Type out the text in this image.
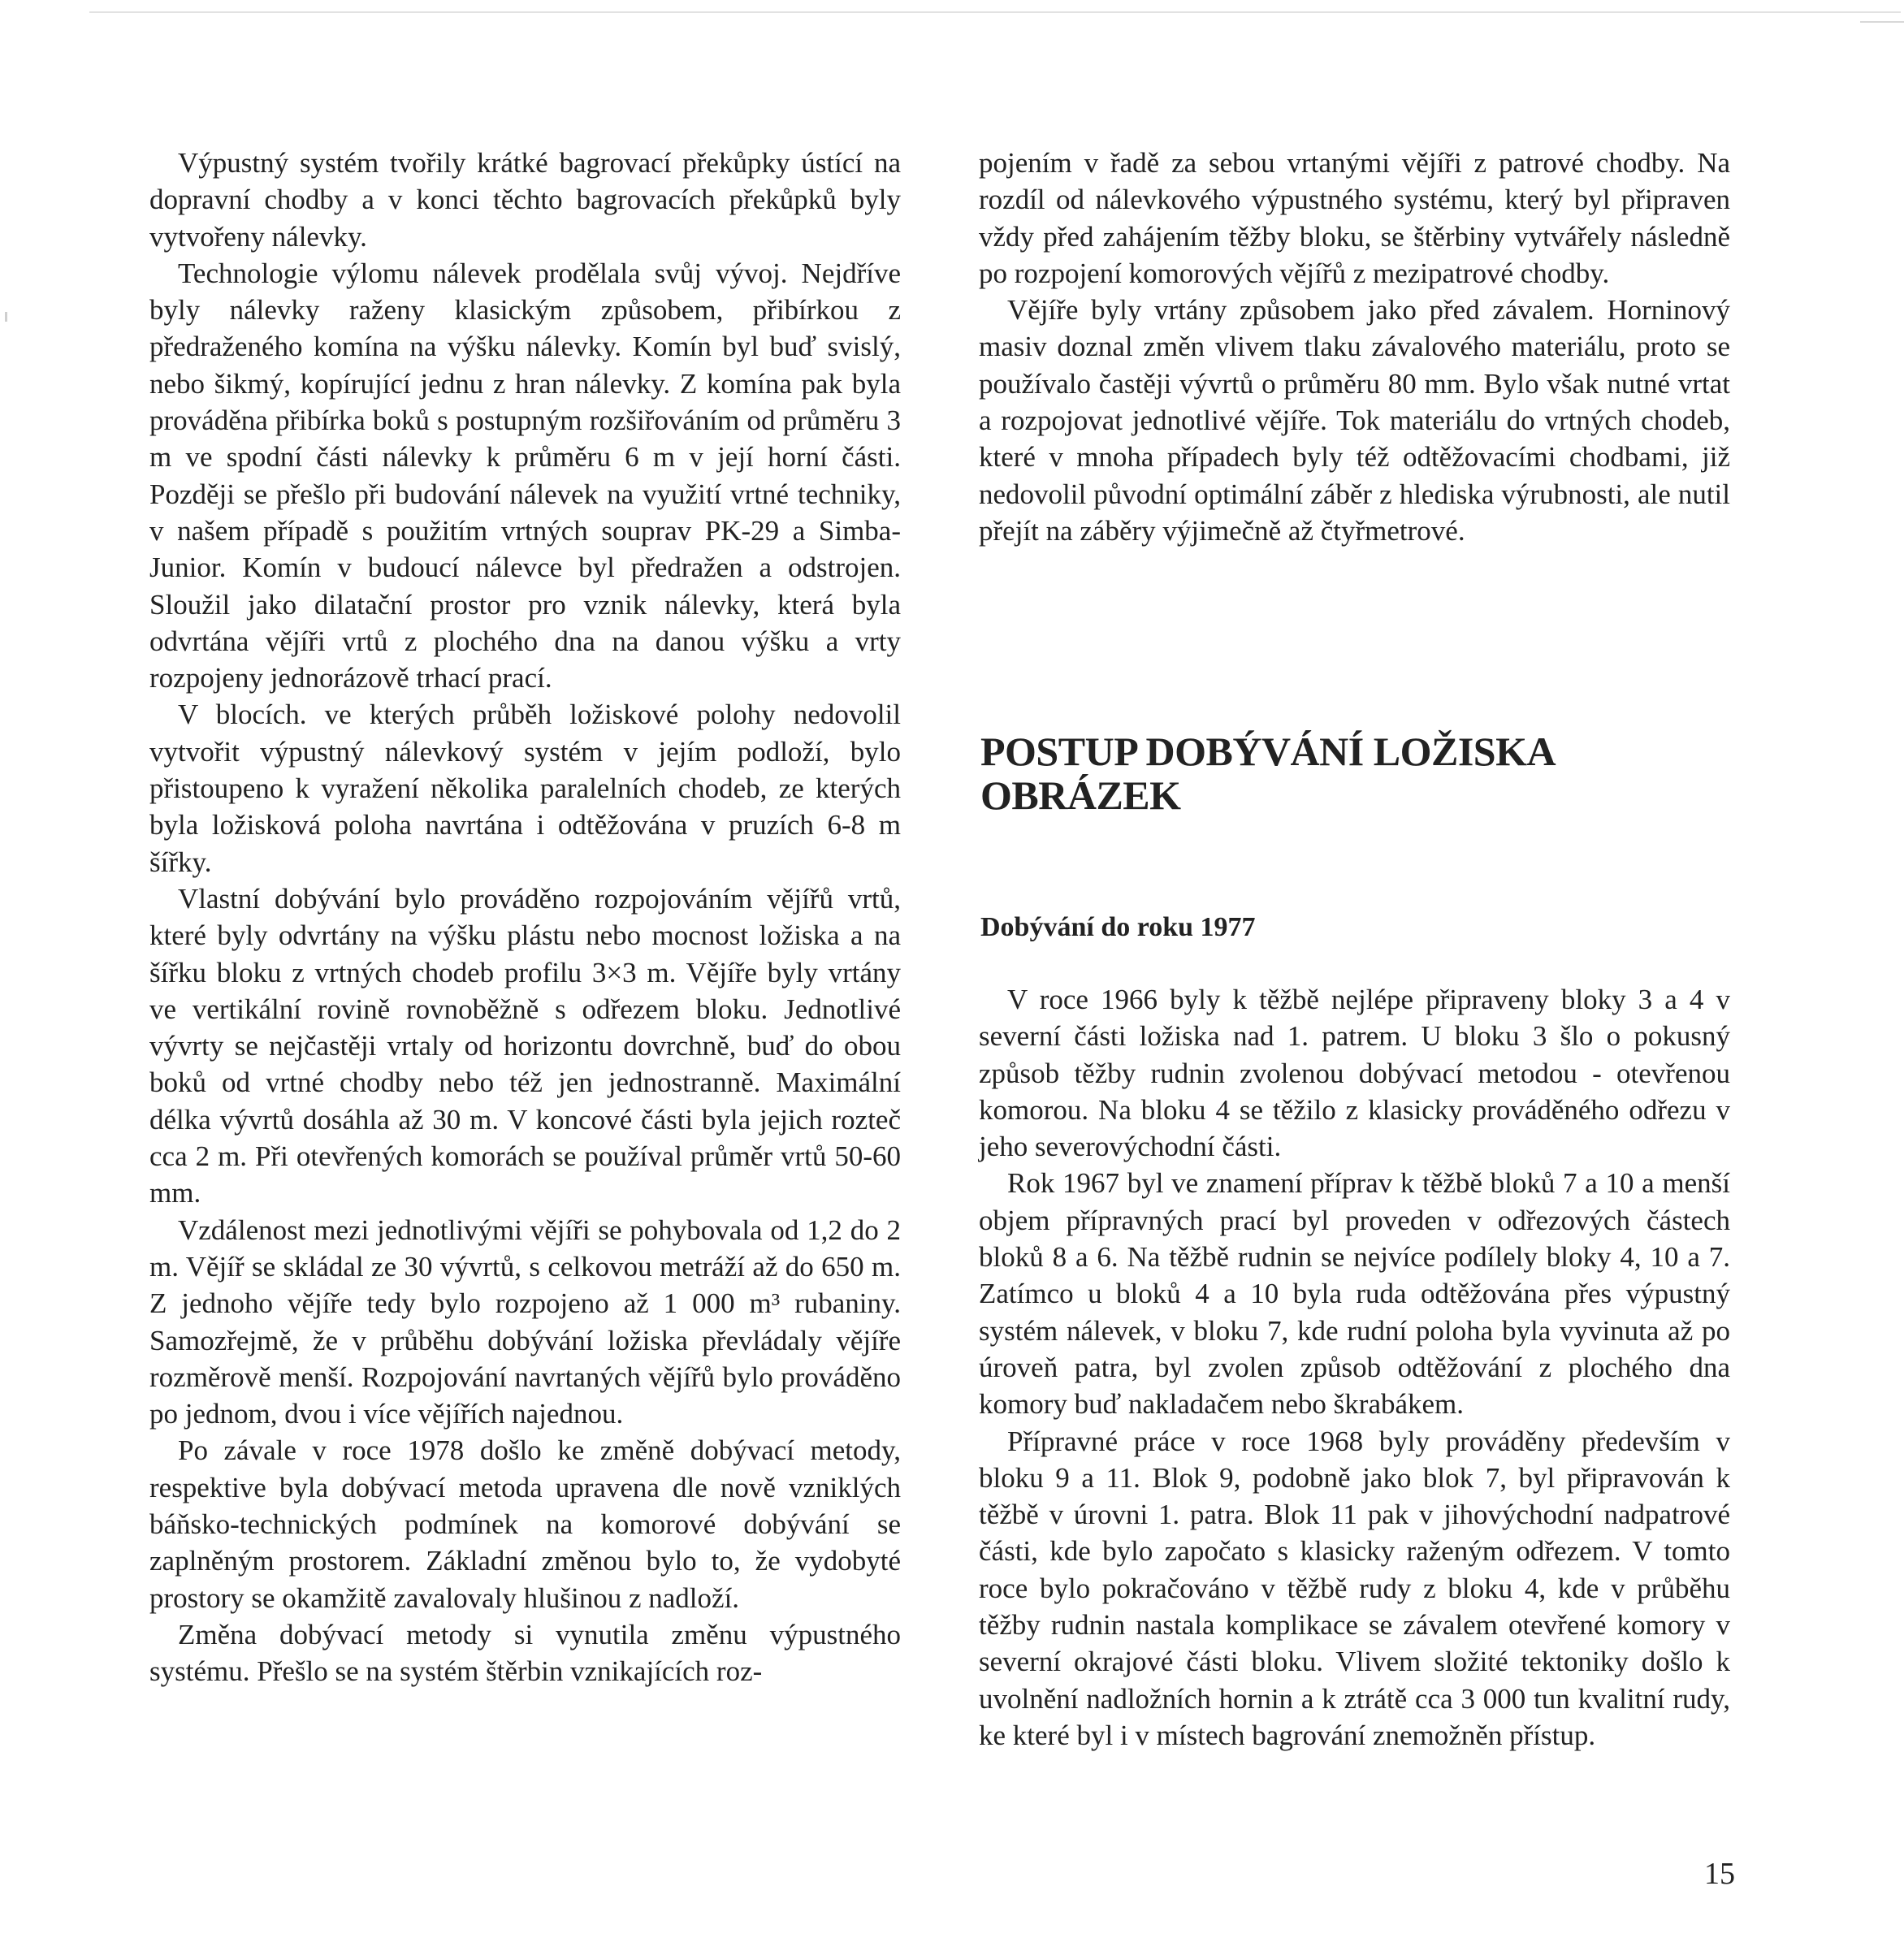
Výpustný systém tvořily krátké bagrovací překůpky ústící na dopravní chodby a v konci těchto bagrovacích překůpků byly vytvořeny nálevky.

Technologie výlomu nálevek prodělala svůj vývoj. Nejdříve byly nálevky raženy klasickým způsobem, přibírkou z předraženého komína na výšku nálevky. Komín byl buď svislý, nebo šikmý, kopírující jednu z hran nálevky. Z komína pak byla prováděna přibírka boků s postupným rozšiřováním od průměru 3 m ve spodní části nálevky k průměru 6 m v její horní části. Později se přešlo při budování nálevek na využití vrtné techniky, v našem případě s použitím vrtných souprav PK-29 a Simba-Junior. Komín v budoucí nálevce byl předražen a odstrojen. Sloužil jako dilatační prostor pro vznik nálevky, která byla odvrtána vějíři vrtů z plochého dna na danou výšku a vrty rozpojeny jednorázově trhací prací.

V blocích. ve kterých průběh ložiskové polohy nedovolil vytvořit výpustný nálevkový systém v jejím podloží, bylo přistoupeno k vyražení několika paralelních chodeb, ze kterých byla ložisková poloha navrtána i odtěžována v pruzích 6-8 m šířky.

Vlastní dobývání bylo prováděno rozpojováním vějířů vrtů, které byly odvrtány na výšku plástu nebo mocnost ložiska a na šířku bloku z vrtných chodeb profilu 3×3 m. Vějíře byly vrtány ve vertikální rovině rovnoběžně s odřezem bloku. Jednotlivé vývrty se nejčastěji vrtaly od horizontu dovrchně, buď do obou boků od vrtné chodby nebo též jen jednostranně. Maximální délka vývrtů dosáhla až 30 m. V koncové části byla jejich rozteč cca 2 m. Při otevřených komorách se používal průměr vrtů 50-60 mm.

Vzdálenost mezi jednotlivými vějíři se pohybovala od 1,2 do 2 m. Vějíř se skládal ze 30 vývrtů, s celkovou metráží až do 650 m. Z jednoho vějíře tedy bylo rozpojeno až 1 000 m³ rubaniny. Samozřejmě, že v průběhu dobývání ložiska převládaly vějíře rozměrově menší. Rozpojování navrtaných vějířů bylo prováděno po jednom, dvou i více vějířích najednou.

Po závale v roce 1978 došlo ke změně dobývací metody, respektive byla dobývací metoda upravena dle nově vzniklých báňsko-technických podmínek na komorové dobývání se zaplněným prostorem. Základní změnou bylo to, že vydobyté prostory se okamžitě zavalovaly hlušinou z nadloží.

Změna dobývací metody si vynutila změnu výpustného systému. Přešlo se na systém štěrbin vznikajících roz-

pojením v řadě za sebou vrtanými vějíři z patrové chodby. Na rozdíl od nálevkového výpustného systému, který byl připraven vždy před zahájením těžby bloku, se štěrbiny vytvářely následně po rozpojení komorových vějířů z mezipatrové chodby.

Vějíře byly vrtány způsobem jako před závalem. Horninový masiv doznal změn vlivem tlaku závalového materiálu, proto se používalo častěji vývrtů o průměru 80 mm. Bylo však nutné vrtat a rozpojovat jednotlivé vějíře. Tok materiálu do vrtných chodeb, které v mnoha případech byly též odtěžovacími chodbami, již nedovolil původní optimální záběr z hlediska výrubnosti, ale nutil přejít na záběry výjimečně až čtyřmetrové.

POSTUP DOBÝVÁNÍ LOŽISKA
OBRÁZEK
Dobývání do roku 1977

V roce 1966 byly k těžbě nejlépe připraveny bloky 3 a 4 v severní části ložiska nad 1. patrem. U bloku 3 šlo o pokusný způsob těžby rudnin zvolenou dobývací metodou - otevřenou komorou. Na bloku 4 se těžilo z klasicky prováděného odřezu v jeho severovýchodní části.

Rok 1967 byl ve znamení příprav k těžbě bloků 7 a 10 a menší objem přípravných prací byl proveden v odřezových částech bloků 8 a 6. Na těžbě rudnin se nejvíce podílely bloky 4, 10 a 7. Zatímco u bloků 4 a 10 byla ruda odtěžována přes výpustný systém nálevek, v bloku 7, kde rudní poloha byla vyvinuta až po úroveň patra, byl zvolen způsob odtěžování z plochého dna komory buď nakladačem nebo škrabákem.

Přípravné práce v roce 1968 byly prováděny především v bloku 9 a 11. Blok 9, podobně jako blok 7, byl připravován k těžbě v úrovni 1. patra. Blok 11 pak v jihovýchodní nadpatrové části, kde bylo započato s klasicky raženým odřezem. V tomto roce bylo pokračováno v těžbě rudy z bloku 4, kde v průběhu těžby rudnin nastala komplikace se závalem otevřené komory v severní okrajové části bloku. Vlivem složité tektoniky došlo k uvolnění nadložních hornin a k ztrátě cca 3 000 tun kvalitní rudy, ke které byl i v místech bagrování znemožněn přístup.

15
